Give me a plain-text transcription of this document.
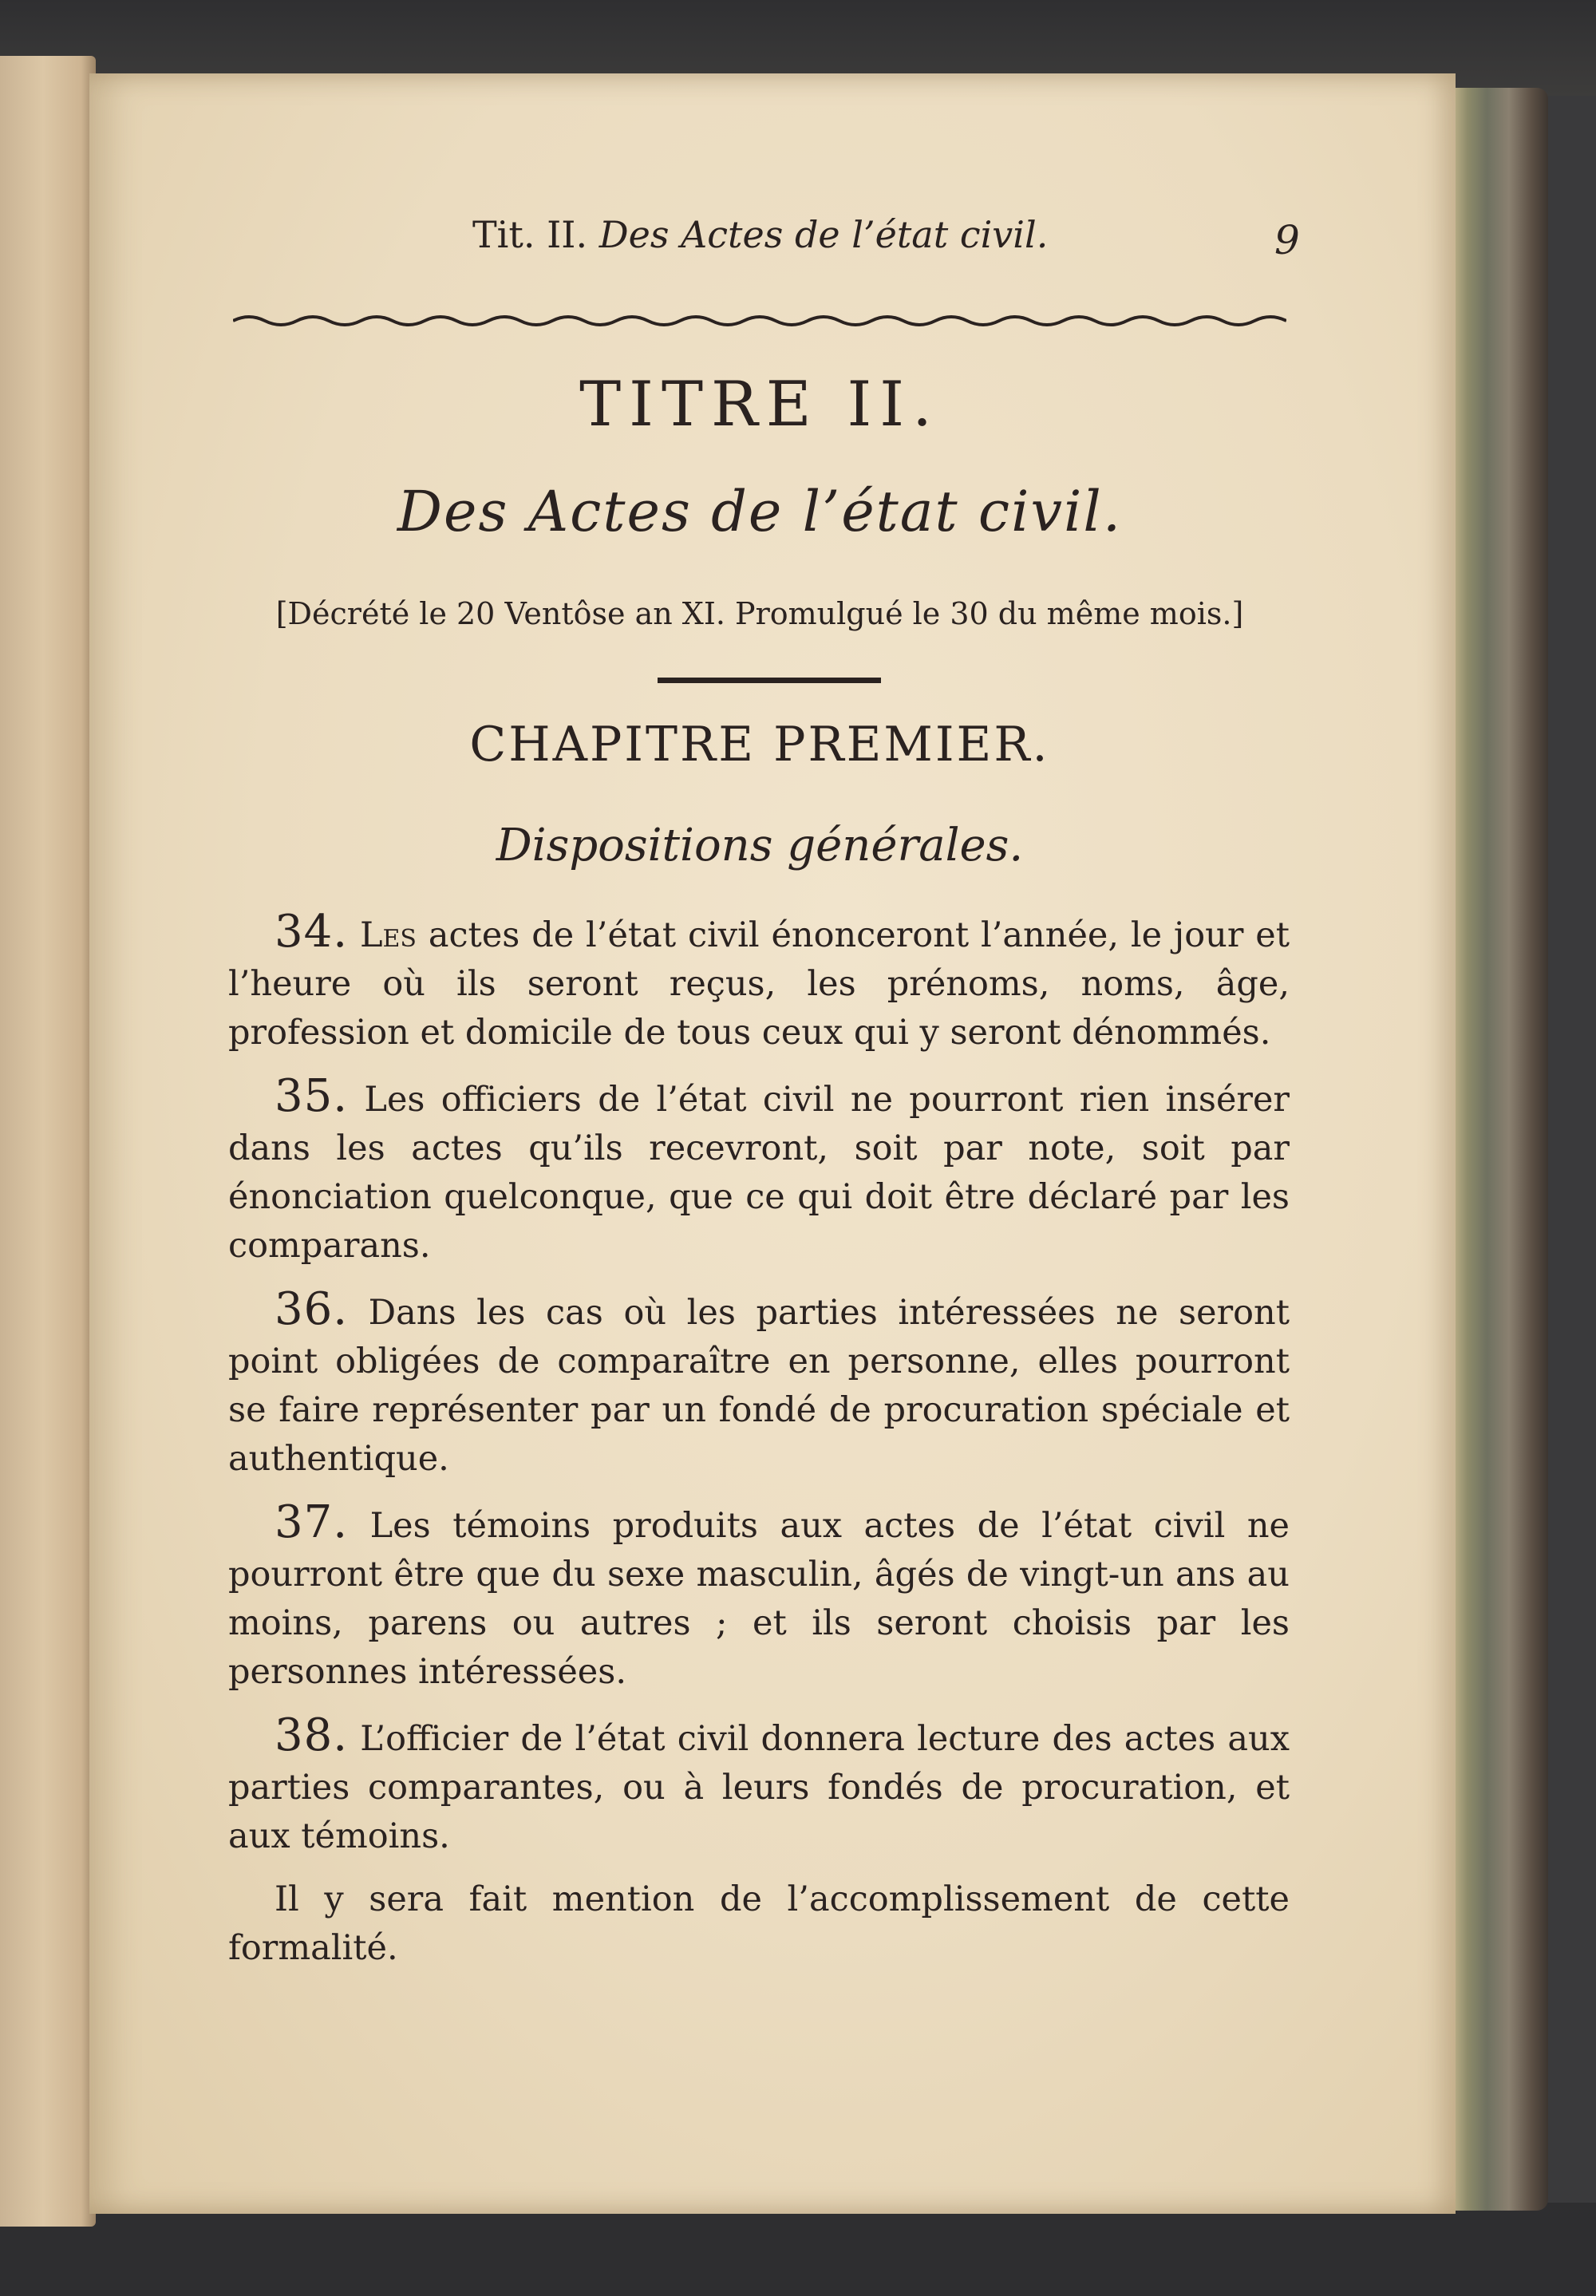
Tit. II. Des Actes de l’état civil.	9
TITRE II.
Des Actes de l’état civil.
[Décrété le 20 Ventôse an XI. Promulgué le 30 du même mois.]
CHAPITRE PREMIER.
Dispositions générales.

34. Les actes de l’état civil énonceront l’année, le jour et l’heure où ils seront reçus, les prénoms, noms, âge, profession et domicile de tous ceux qui y seront dénommés.

35. Les officiers de l’état civil ne pourront rien insérer dans les actes qu’ils recevront, soit par note, soit par énonciation quelconque, que ce qui doit être déclaré par les comparans.

36. Dans les cas où les parties intéressées ne seront point obligées de comparaître en personne, elles pourront se faire représenter par un fondé de procuration spéciale et authentique.

37. Les témoins produits aux actes de l’état civil ne pourront être que du sexe masculin, âgés de vingt-un ans au moins, parens ou autres ; et ils seront choisis par les personnes intéressées.

38. L’officier de l’état civil donnera lecture des actes aux parties comparantes, ou à leurs fondés de procuration, et aux témoins.

Il y sera fait mention de l’accomplissement de cette formalité.
